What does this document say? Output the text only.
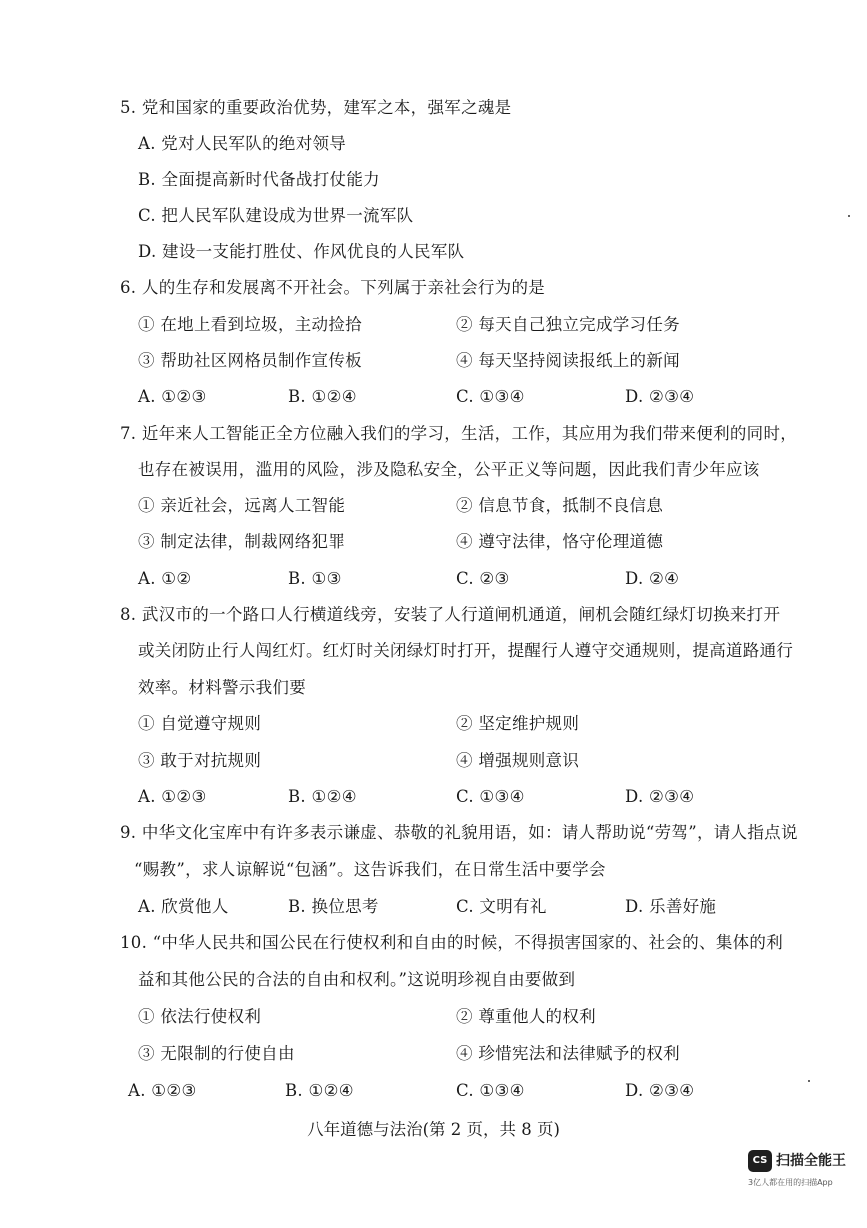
5. 党和国家的重要政治优势，建军之本，强军之魂是
A. 党对人民军队的绝对领导
B. 全面提高新时代备战打仗能力
C. 把人民军队建设成为世界一流军队
D. 建设一支能打胜仗、作风优良的人民军队
6. 人的生存和发展离不开社会。下列属于亲社会行为的是
① 在地上看到垃圾，主动捡拾	② 每天自己独立完成学习任务
③ 帮助社区网格员制作宣传板	④ 每天坚持阅读报纸上的新闻
A. ①②③	B. ①②④	C. ①③④	D. ②③④
7. 近年来人工智能正全方位融入我们的学习，生活，工作，其应用为我们带来便利的同时，
也存在被误用，滥用的风险，涉及隐私安全，公平正义等问题，因此我们青少年应该
① 亲近社会，远离人工智能	② 信息节食，抵制不良信息
③ 制定法律，制裁网络犯罪	④ 遵守法律，恪守伦理道德
A. ①②	B. ①③	C. ②③	D. ②④
8. 武汉市的一个路口人行横道线旁，安装了人行道闸机通道，闸机会随红绿灯切换来打开
或关闭防止行人闯红灯。红灯时关闭绿灯时打开，提醒行人遵守交通规则，提高道路通行
效率。材料警示我们要
① 自觉遵守规则	② 坚定维护规则
③ 敢于对抗规则	④ 增强规则意识
A. ①②③	B. ①②④	C. ①③④	D. ②③④
9. 中华文化宝库中有许多表示谦虚、恭敬的礼貌用语，如：请人帮助说“劳驾”，请人指点说
“赐教”，求人谅解说“包涵”。这告诉我们，在日常生活中要学会
A. 欣赏他人	B. 换位思考	C. 文明有礼	D. 乐善好施
10. “中华人民共和国公民在行使权利和自由的时候，不得损害国家的、社会的、集体的利
益和其他公民的合法的自由和权利。”这说明珍视自由要做到
① 依法行使权利	② 尊重他人的权利
③ 无限制的行使自由	④ 珍惜宪法和法律赋予的权利
A. ①②③	B. ①②④	C. ①③④	D. ②③④
八年道德与法治(第 2 页，共 8 页)
CS 扫描全能王
3亿人都在用的扫描App
